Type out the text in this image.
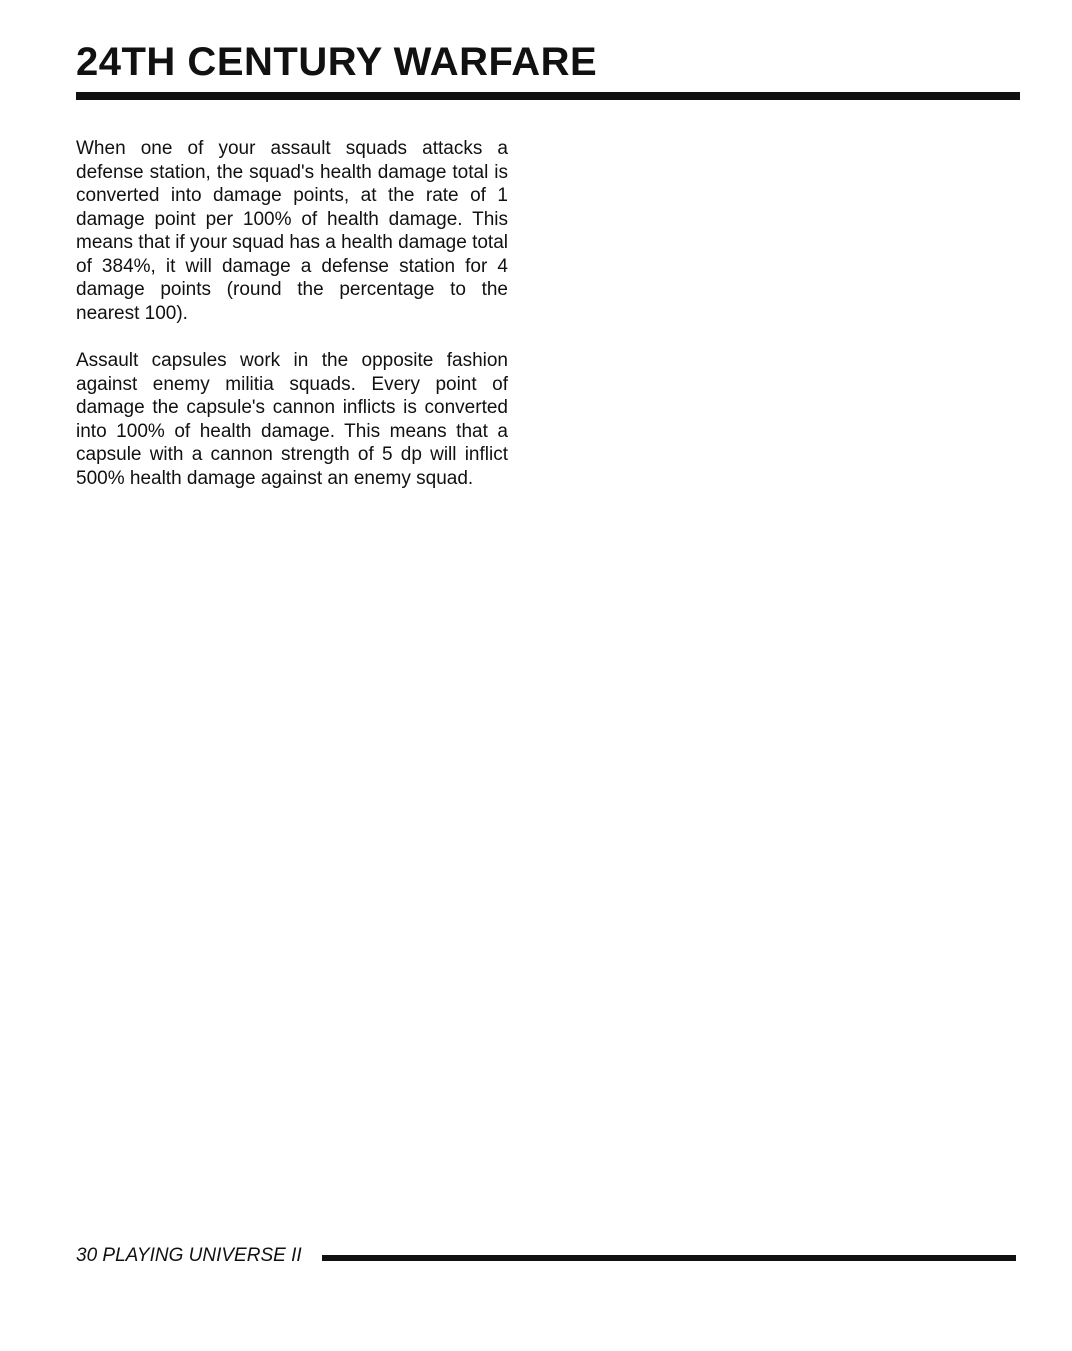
24TH CENTURY WARFARE

When one of your assault squads attacks a defense station, the squad's health damage total is converted into damage points, at the rate of 1 damage point per 100% of health damage. This means that if your squad has a health damage total of 384%, it will damage a defense station for 4 damage points (round the percentage to the nearest 100).

Assault capsules work in the opposite fashion against enemy militia squads. Every point of damage the capsule's cannon inflicts is converted into 100% of health damage. This means that a capsule with a cannon strength of 5 dp will inflict 500% health damage against an enemy squad.

30 PLAYING UNIVERSE II
